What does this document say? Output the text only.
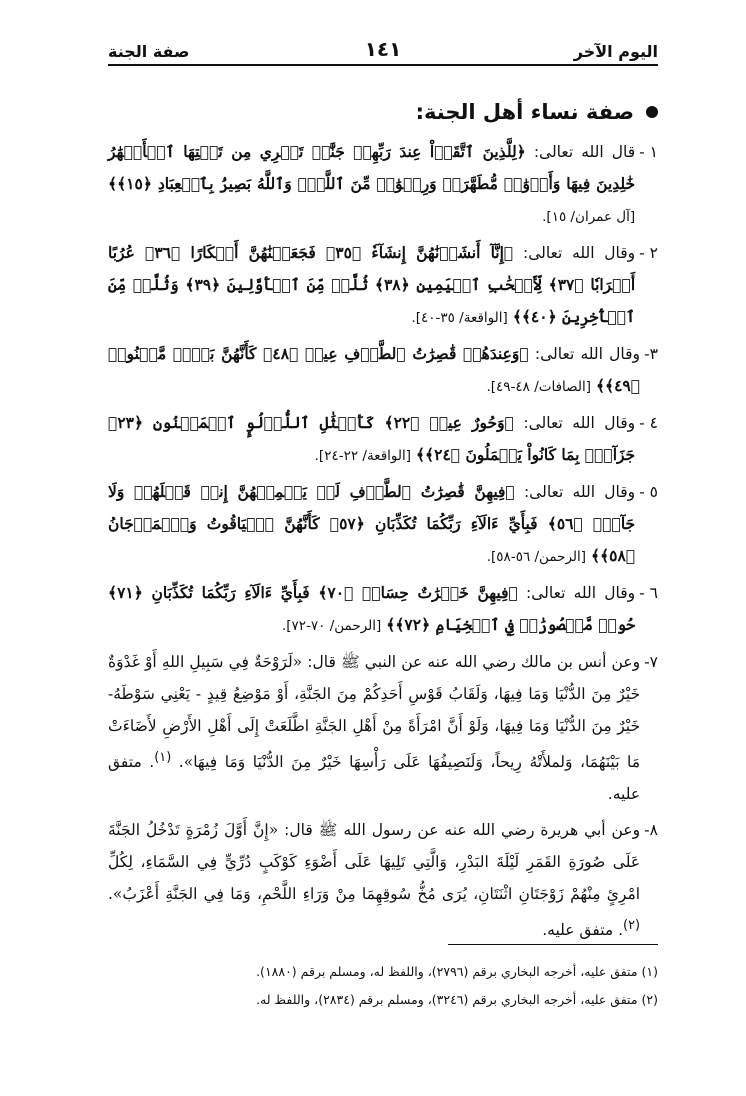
اليوم الآخر
١٤١
صفة الجنة
صفة نساء أهل الجنة:
١ -
قال الله تعالى: ﴿لِلَّذِينَ ٱتَّقَوۡاْ عِندَ رَبِّهِمۡ جَنَّٰتٞ تَجۡرِي مِن تَحۡتِهَا ٱلۡأَنۡهَٰرُ خَٰلِدِينَ فِيهَا وَأَزۡوَٰجٞ مُّطَهَّرَةٞ وَرِضۡوَٰنٞ مِّنَ ٱللَّهِۗ وَٱللَّهُ بَصِيرُۢ بِٱلۡعِبَادِ ﴿١٥﴾﴾ [آل عمران/ ١٥].
٢ -
وقال الله تعالى: ﴿إِنَّآ أَنشَأۡنَٰهُنَّ إِنشَآءٗ ﴿٣٥﴾ فَجَعَلۡنَٰهُنَّ أَبۡكَارًا ﴿٣٦﴾ عُرُبًا أَتۡرَابٗا ﴿٣٧﴾ لِّأَصۡحَٰبِ ٱلۡيَمِينِ ﴿٣٨﴾ ثُلَّةٞ مِّنَ ٱلۡأَوَّلِينَ ﴿٣٩﴾ وَثُلَّةٞ مِّنَ ٱلۡأٓخِرِينَ ﴿٤٠﴾﴾ [الواقعة/ ٣٥-٤٠].
٣-
وقال الله تعالى: ﴿وَعِندَهُمۡ قَٰصِرَٰتُ ٱلطَّرۡفِ عِينٞ ﴿٤٨﴾ كَأَنَّهُنَّ بَيۡضٞ مَّكۡنُونٞ ﴿٤٩﴾﴾ [الصافات/ ٤٨-٤٩].
٤ -
وقال الله تعالى: ﴿وَحُورٌ عِينٞ ﴿٢٢﴾ كَأَمۡثَٰلِ ٱللُّؤۡلُوِٕ ٱلۡمَكۡنُونِ ﴿٢٣﴾ جَزَآءَۢ بِمَا كَانُواْ يَعۡمَلُونَ ﴿٢٤﴾﴾ [الواقعة/ ٢٢-٢٤].
٥ -
وقال الله تعالى: ﴿فِيهِنَّ قَٰصِرَٰتُ ٱلطَّرۡفِ لَمۡ يَطۡمِثۡهُنَّ إِنسٞ قَبۡلَهُمۡ وَلَا جَآنّٞ ﴿٥٦﴾ فَبِأَيِّ ءَالَآءِ رَبِّكُمَا تُكَذِّبَانِ ﴿٥٧﴾ كَأَنَّهُنَّ ٱلۡيَاقُوتُ وَٱلۡمَرۡجَانُ ﴿٥٨﴾﴾ [الرحمن/ ٥٦-٥٨].
٦ -
وقال الله تعالى: ﴿فِيهِنَّ خَيۡرَٰتٌ حِسَانٞ ﴿٧٠﴾ فَبِأَيِّ ءَالَآءِ رَبِّكُمَا تُكَذِّبَانِ ﴿٧١﴾ حُورٞ مَّقۡصُورَٰتٞ فِي ٱلۡخِيَامِ ﴿٧٢﴾﴾ [الرحمن/ ٧٠-٧٢].
٧-
وعن أنس بن مالك رضي الله عنه عن النبي ﷺ قال: «لَرَوْحَةٌ فِي سَبِيلِ اللهِ أَوْ غَدْوَةٌ خَيْرٌ مِنَ الدُّنْيَا وَمَا فِيهَا، وَلَقَابُ قَوْسِ أَحَدِكُمْ مِنَ الجَنَّةِ، أَوْ مَوْضِعُ قِيدٍ - يَعْنِي سَوْطَهُ- خَيْرٌ مِنَ الدُّنْيَا وَمَا فِيهَا، وَلَوْ أَنَّ امْرَأَةً مِنْ أَهْلِ الجَنَّةِ اطَّلَعَتْ إِلَى أَهْلِ الأَرْضِ لأَضَاءَتْ مَا بَيْنَهُمَا، وَلملأَتْهُ رِيحاً، وَلَنَصِيفُهَا عَلَى رَأْسِهَا خَيْرٌ مِنَ الدُّنْيَا وَمَا فِيهَا». $^{(١)}$. متفق عليه.
٨-
وعن أبي هريرة رضي الله عنه عن رسول الله ﷺ قال: «إِنَّ أَوَّلَ زُمْرَةٍ تَدْخُلُ الجَنَّةَ عَلَى صُورَةِ القَمَرِ لَيْلَةَ البَدْرِ، وَالَّتِي تَلِيهَا عَلَى أَضْوَءِ كَوْكَبٍ دُرِّيٍّ فِي السَّمَاءِ، لِكُلِّ امْرِئٍ مِنْهُمْ زَوْجَتَانِ اثْنَتَانِ، يُرَى مُخُّ سُوقِهِمَا مِنْ وَرَاءِ اللَّحْمِ، وَمَا فِي الجَنَّةِ أَعْزَبُ». $^{(٢)}$. متفق عليه.
(١) متفق عليه، أخرجه البخاري برقم (٢٧٩٦)، واللفظ له، ومسلم برقم (١٨٨٠).
(٢) متفق عليه، أخرجه البخاري برقم (٣٢٤٦)، ومسلم برقم (٢٨٣٤)، واللفظ له.
